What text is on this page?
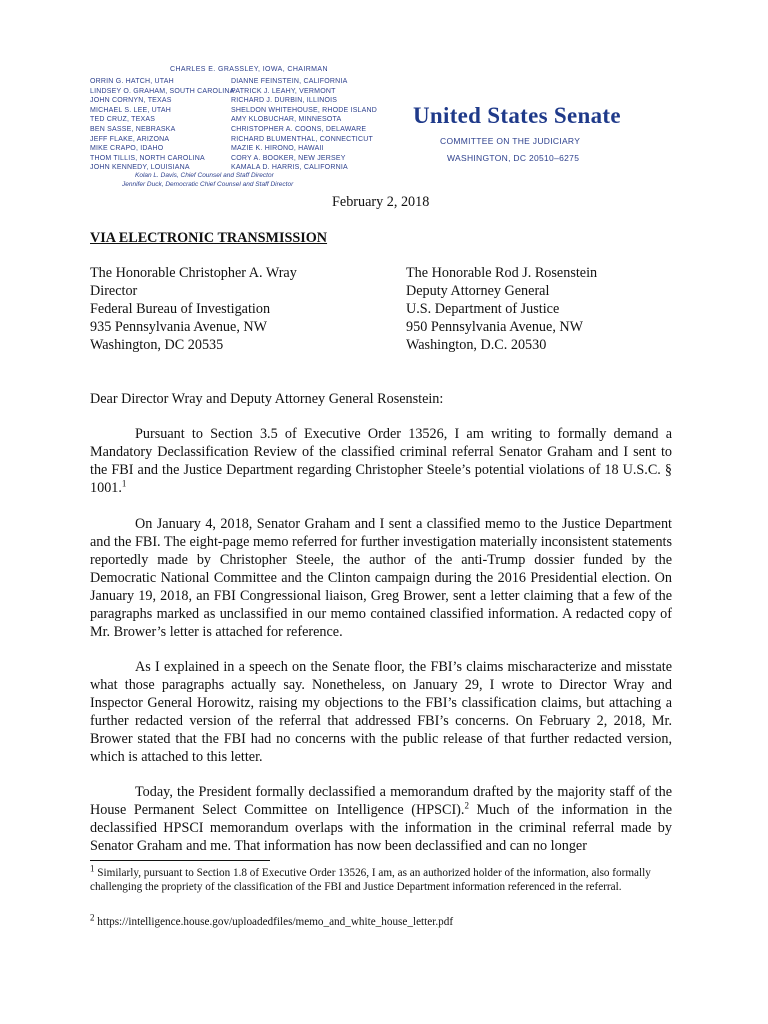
CHARLES E. GRASSLEY, IOWA, CHAIRMAN
ORRIN G. HATCH, UTAH
LINDSEY O. GRAHAM, SOUTH CAROLINA
JOHN CORNYN, TEXAS
MICHAEL S. LEE, UTAH
TED CRUZ, TEXAS
BEN SASSE, NEBRASKA
JEFF FLAKE, ARIZONA
MIKE CRAPO, IDAHO
THOM TILLIS, NORTH CAROLINA
JOHN KENNEDY, LOUISIANA
DIANNE FEINSTEIN, CALIFORNIA
PATRICK J. LEAHY, VERMONT
RICHARD J. DURBIN, ILLINOIS
SHELDON WHITEHOUSE, RHODE ISLAND
AMY KLOBUCHAR, MINNESOTA
CHRISTOPHER A. COONS, DELAWARE
RICHARD BLUMENTHAL, CONNECTICUT
MAZIE K. HIRONO, HAWAII
CORY A. BOOKER, NEW JERSEY
KAMALA D. HARRIS, CALIFORNIA
Kolan L. Davis, Chief Counsel and Staff Director
Jennifer Duck, Democratic Chief Counsel and Staff Director
United States Senate
COMMITTEE ON THE JUDICIARY
WASHINGTON, DC 20510–6275
February 2, 2018
VIA ELECTRONIC TRANSMISSION
The Honorable Christopher A. Wray
Director
Federal Bureau of Investigation
935 Pennsylvania Avenue, NW
Washington, DC 20535
The Honorable Rod J. Rosenstein
Deputy Attorney General
U.S. Department of Justice
950 Pennsylvania Avenue, NW
Washington, D.C. 20530
Dear Director Wray and Deputy Attorney General Rosenstein:

Pursuant to Section 3.5 of Executive Order 13526, I am writing to formally demand a Mandatory Declassification Review of the classified criminal referral Senator Graham and I sent to the FBI and the Justice Department regarding Christopher Steele’s potential violations of 18 U.S.C. § 1001.$^1$

On January 4, 2018, Senator Graham and I sent a classified memo to the Justice Department and the FBI. The eight-page memo referred for further investigation materially inconsistent statements reportedly made by Christopher Steele, the author of the anti-Trump dossier funded by the Democratic National Committee and the Clinton campaign during the 2016 Presidential election. On January 19, 2018, an FBI Congressional liaison, Greg Brower, sent a letter claiming that a few of the paragraphs marked as unclassified in our memo contained classified information. A redacted copy of Mr. Brower’s letter is attached for reference.

As I explained in a speech on the Senate floor, the FBI’s claims mischaracterize and misstate what those paragraphs actually say. Nonetheless, on January 29, I wrote to Director Wray and Inspector General Horowitz, raising my objections to the FBI’s classification claims, but attaching a further redacted version of the referral that addressed FBI’s concerns. On February 2, 2018, Mr. Brower stated that the FBI had no concerns with the public release of that further redacted version, which is attached to this letter.

Today, the President formally declassified a memorandum drafted by the majority staff of the House Permanent Select Committee on Intelligence (HPSCI).$^2$ Much of the information in the declassified HPSCI memorandum overlaps with the information in the criminal referral made by Senator Graham and me. That information has now been declassified and can no longer

$^1$ Similarly, pursuant to Section 1.8 of Executive Order 13526, I am, as an authorized holder of the information, also formally challenging the propriety of the classification of the FBI and Justice Department information referenced in the referral.
$^2$ https://intelligence.house.gov/uploadedfiles/memo_and_white_house_letter.pdf
